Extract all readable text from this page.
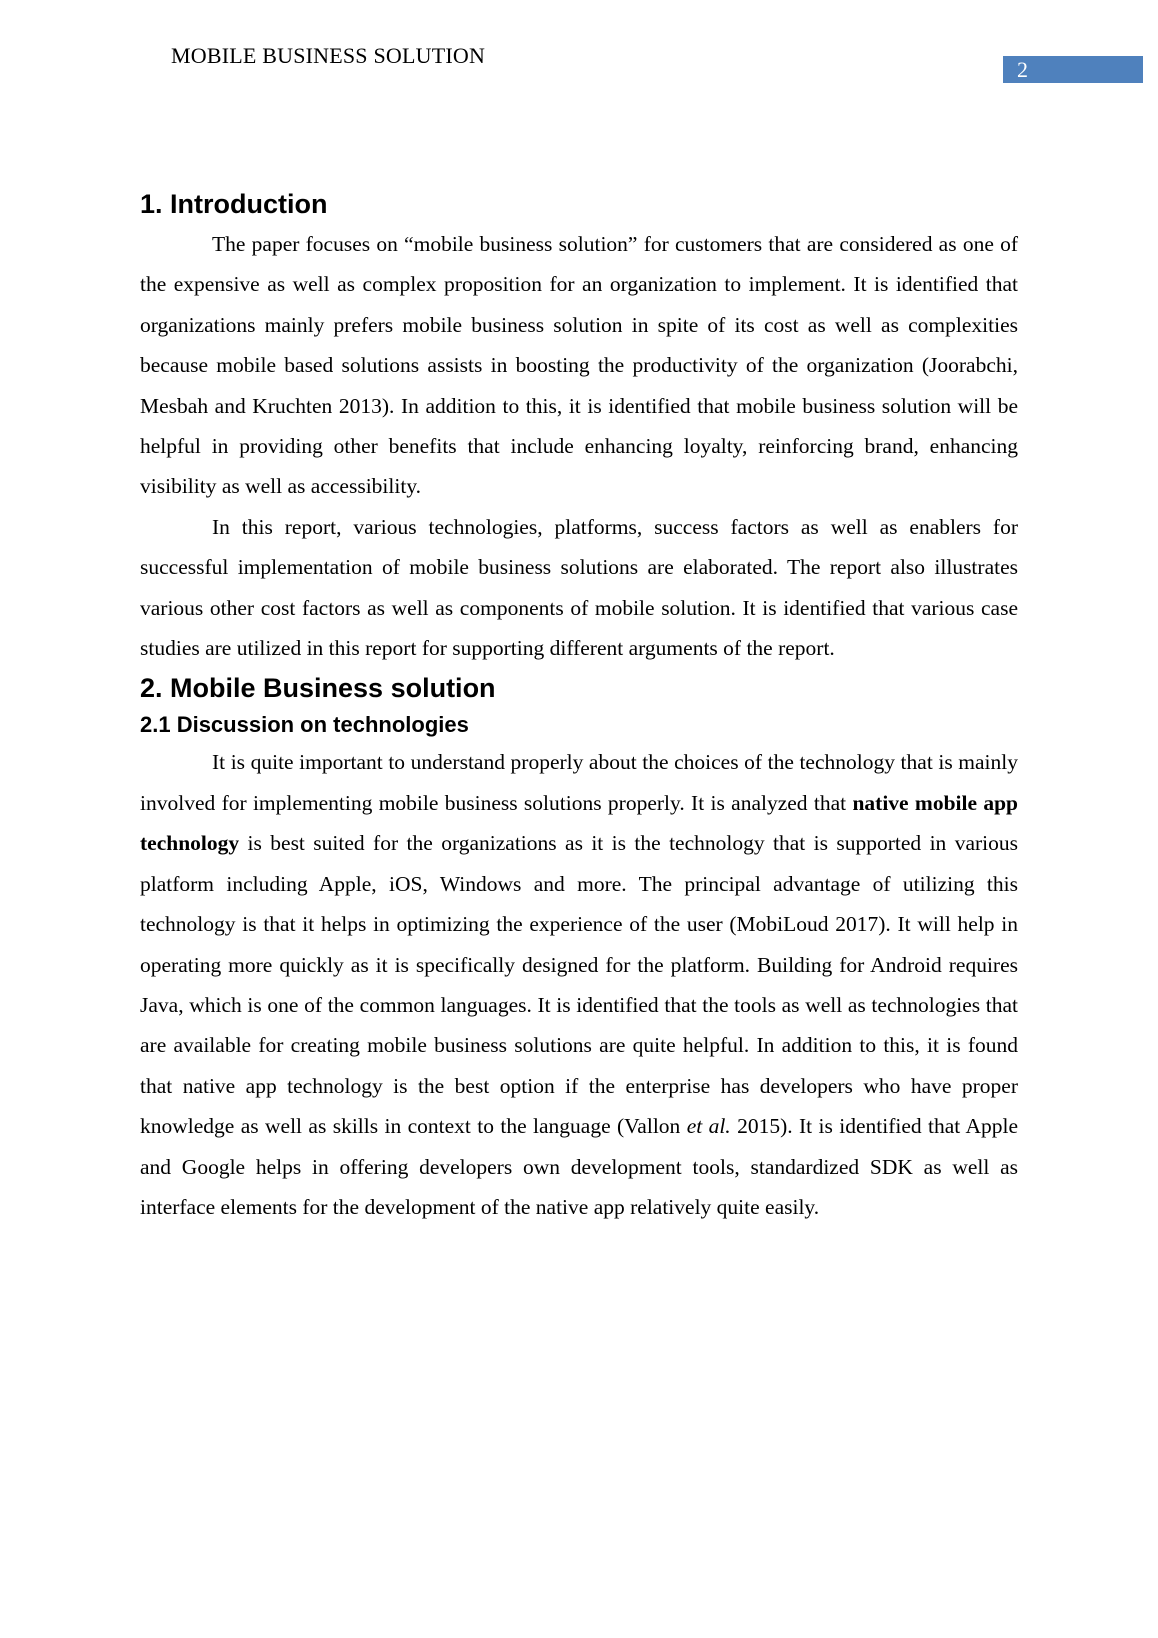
MOBILE BUSINESS SOLUTION
2
1. Introduction

The paper focuses on “mobile business solution” for customers that are considered as one of the expensive as well as complex proposition for an organization to implement. It is identified that organizations mainly prefers mobile business solution in spite of its cost as well as complexities because mobile based solutions assists in boosting the productivity of the organization (Joorabchi, Mesbah and Kruchten 2013). In addition to this, it is identified that mobile business solution will be helpful in providing other benefits that include enhancing loyalty, reinforcing brand, enhancing visibility as well as accessibility.

In this report, various technologies, platforms, success factors as well as enablers for successful implementation of mobile business solutions are elaborated. The report also illustrates various other cost factors as well as components of mobile solution. It is identified that various case studies are utilized in this report for supporting different arguments of the report.

2. Mobile Business solution
2.1 Discussion on technologies

It is quite important to understand properly about the choices of the technology that is mainly involved for implementing mobile business solutions properly. It is analyzed that native mobile app technology is best suited for the organizations as it is the technology that is supported in various platform including Apple, iOS, Windows and more. The principal advantage of utilizing this technology is that it helps in optimizing the experience of the user (MobiLoud 2017). It will help in operating more quickly as it is specifically designed for the platform. Building for Android requires Java, which is one of the common languages. It is identified that the tools as well as technologies that are available for creating mobile business solutions are quite helpful. In addition to this, it is found that native app technology is the best option if the enterprise has developers who have proper knowledge as well as skills in context to the language (Vallon et al. 2015). It is identified that Apple and Google helps in offering developers own development tools, standardized SDK as well as interface elements for the development of the native app relatively quite easily.
